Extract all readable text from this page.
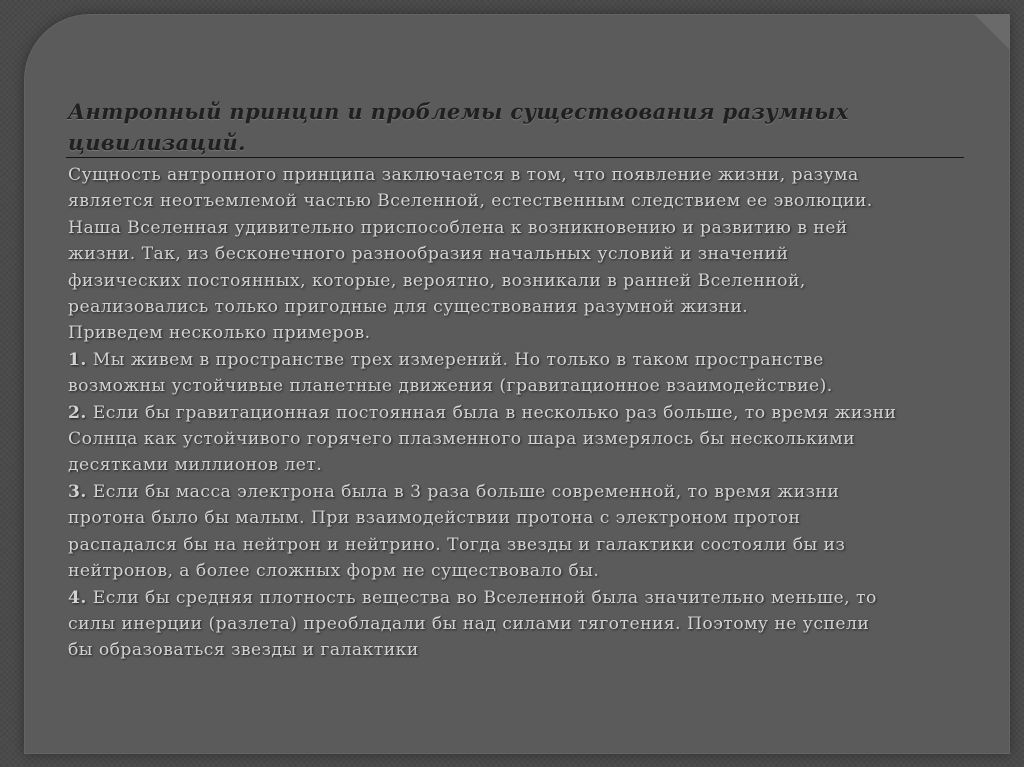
Антропный принцип и проблемы существования разумных
цивилизаций.
Сущность антропного принципа заключается в том, что появление жизни, разума
является неотъемлемой частью Вселенной, естественным следствием ее эволюции.
Наша Вселенная удивительно приспособлена к возникновению и развитию в ней
жизни. Так, из бесконечного разнообразия начальных условий и значений
физических постоянных, которые, вероятно, возникали в ранней Вселенной,
реализовались только пригодные для существования разумной жизни.
Приведем несколько примеров.
1. Мы живем в пространстве трех измерений. Но только в таком пространстве
возможны устойчивые планетные движения (гравитационное взаимодействие).
2. Если бы гравитационная постоянная была в несколько раз больше, то время жизни
Солнца как устойчивого горячего плазменного шара измерялось бы несколькими
десятками миллионов лет.
3. Если бы масса электрона была в 3 раза больше современной, то время жизни
протона было бы малым. При взаимодействии протона с электроном протон
распадался бы на нейтрон и нейтрино. Тогда звезды и галактики состояли бы из
нейтронов, а более сложных форм не существовало бы.
4. Если бы средняя плотность вещества во Вселенной была значительно меньше, то
силы инерции (разлета) преобладали бы над силами тяготения. Поэтому не успели
бы образоваться звезды и галактики
